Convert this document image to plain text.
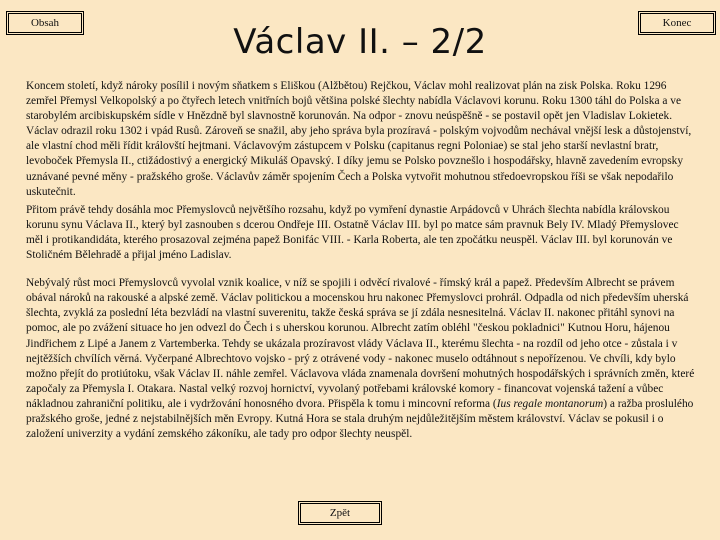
Obsah	Konec
Václav II. – 2/2

Koncem století, když nároky posílil i novým sňatkem s Eliškou (Alžbětou) Rejčkou, Václav mohl realizovat plán na zisk Polska. Roku 1296 zemřel Přemysl Velkopolský a po čtyřech letech vnitřních bojů většina polské šlechty nabídla Václavovi korunu. Roku 1300 táhl do Polska a ve starobylém arcibiskupském sídle v Hnězdně byl slavnostně korunován. Na odpor - znovu neúspěšně - se postavil opět jen Vladislav Lokietek. Václav odrazil roku 1302 i vpád Rusů. Zároveň se snažil, aby jeho správa byla prozíravá - polským vojvodům nechával vnější lesk a důstojenství, ale vlastní chod měli řídit královští hejtmani. Václavovým zástupcem v Polsku (capitanus regni Poloniae) se stal jeho starší nevlastní bratr, levoboček Přemysla II., ctižádostivý a energický Mikuláš Opavský. I díky jemu se Polsko povznešlo i hospodářsky, hlavně zavedením evropsky uznávané pevné měny - pražského groše. Václavův záměr spojením Čech a Polska vytvořit mohutnou středoevropskou říši se však nepodařilo uskutečnit.

Přitom právě tehdy dosáhla moc Přemyslovců největšího rozsahu, když po vymření dynastie Arpádovců v Uhrách šlechta nabídla královskou korunu synu Václava II., který byl zasnouben s dcerou Ondřeje III. Ostatně Václav III. byl po matce sám pravnuk Bely IV. Mladý Přemyslovec měl i protikandidáta, kterého prosazoval zejména papež Bonifác VIII. - Karla Roberta, ale ten zpočátku neuspěl. Václav III. byl korunován ve Stoličném Bělehradě a přijal jméno Ladislav.

Nebývalý růst moci Přemyslovců vyvolal vznik koalice, v níž se spojili i odvěcí rivalové - římský král a papež. Především Albrecht se právem obával nároků na rakouské a alpské země. Václav politickou a mocenskou hru nakonec Přemyslovci prohrál. Odpadla od nich především uherská šlechta, zvyklá za poslední léta bezvládí na vlastní suverenitu, takže česká správa se jí zdála nesnesitelná. Václav II. nakonec přitáhl synovi na pomoc, ale po zvážení situace ho jen odvezl do Čech i s uherskou korunou. Albrecht zatím obléhl "českou pokladnici" Kutnou Horu, hájenou Jindřichem z Lipé a Janem z Vartemberka. Tehdy se ukázala prozíravost vlády Václava II., kterému šlechta - na rozdíl od jeho otce - zůstala i v nejtěžších chvílích věrná. Vyčerpané Albrechtovo vojsko - prý z otrávené vody - nakonec muselo odtáhnout s nepořízenou. Ve chvíli, kdy bylo možno přejít do protiútoku, však Václav II. náhle zemřel. Václavova vláda znamenala dovršení mohutných hospodářských i správních změn, které započaly za Přemysla I. Otakara. Nastal velký rozvoj hornictví, vyvolaný potřebami královské komory - financovat vojenská tažení a vůbec nákladnou zahraniční politiku, ale i vydržování honosného dvora. Přispěla k tomu i mincovní reforma (Ius regale montanorum) a ražba proslulého pražského groše, jedné z nejstabilnějších měn Evropy. Kutná Hora se stala druhým nejdůležitějším městem království. Václav se pokusil i o založení univerzity a vydání zemského zákoníku, ale tady pro odpor šlechty neuspěl.

Zpět
